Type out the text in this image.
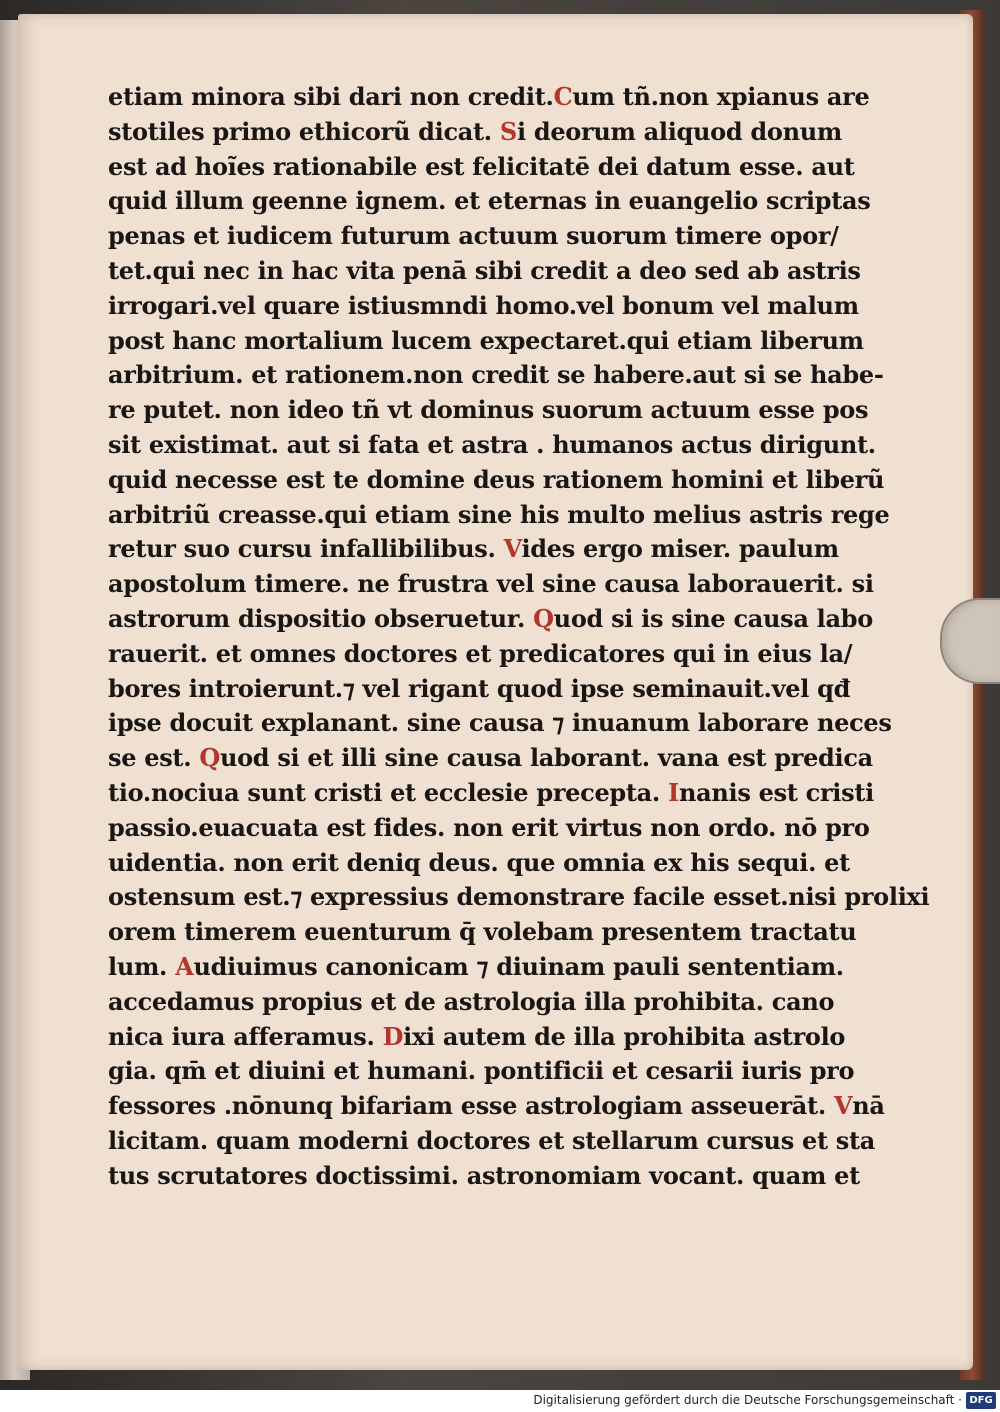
etiam minora sibi dari non credit.Cum tñ.non xpianus are
stotiles primo ethicorũ dicat. Si deorum aliquod donum
est ad hoĩes rationabile est felicitatē dei datum esse. aut
quid illum geenne ignem. et eternas in euangelio scriptas
penas et iudicem futurum actuum suorum timere opor/
tet.qui nec in hac vita penā sibi credit a deo sed ab astris
irrogari.vel quare istiusmndi homo.vel bonum vel malum
post hanc mortalium lucem expectaret.qui etiam liberum
arbitrium. et rationem.non credit se habere.aut si se habe-
re putet. non ideo tñ vt dominus suorum actuum esse pos
sit existimat. aut si fata et astra . humanos actus dirigunt.
quid necesse est te domine deus rationem homini et liberũ
arbitriũ creasse.qui etiam sine his multo melius astris rege
retur suo cursu infallibilibus. Vides ergo miser. paulum
apostolum timere. ne frustra vel sine causa laborauerit. si
astrorum dispositio obseruetur. Quod si is sine causa labo
rauerit. et omnes doctores et predicatores qui in eius la/
bores introierunt.⁊ vel rigant quod ipse seminauit.vel qđ
ipse docuit explanant. sine causa ⁊ inuanum laborare neces
se est. Quod si et illi sine causa laborant. vana est predica
tio.nociua sunt cristi et ecclesie precepta. Inanis est cristi
passio.euacuata est fides. non erit virtus non ordo. nō pro
uidentia. non erit deniq deus. que omnia ex his sequi. et
ostensum est.⁊ expressius demonstrare facile esset.nisi prolixi
orem timerem euenturum q̄ volebam presentem tractatu
lum. Audiuimus canonicam ⁊ diuinam pauli sententiam.
accedamus propius et de astrologia illa prohibita. cano
nica iura afferamus. Dixi autem de illa prohibita astrolo
gia. qm̄ et diuini et humani. pontificii et cesarii iuris pro
fessores .nōnunq bifariam esse astrologiam asseuerāt. Vnā
licitam. quam moderni doctores et stellarum cursus et sta
tus scrutatores doctissimi. astronomiam vocant. quam et
Digitalisierung gefördert durch die Deutsche Forschungsgemeinschaft · DFG
